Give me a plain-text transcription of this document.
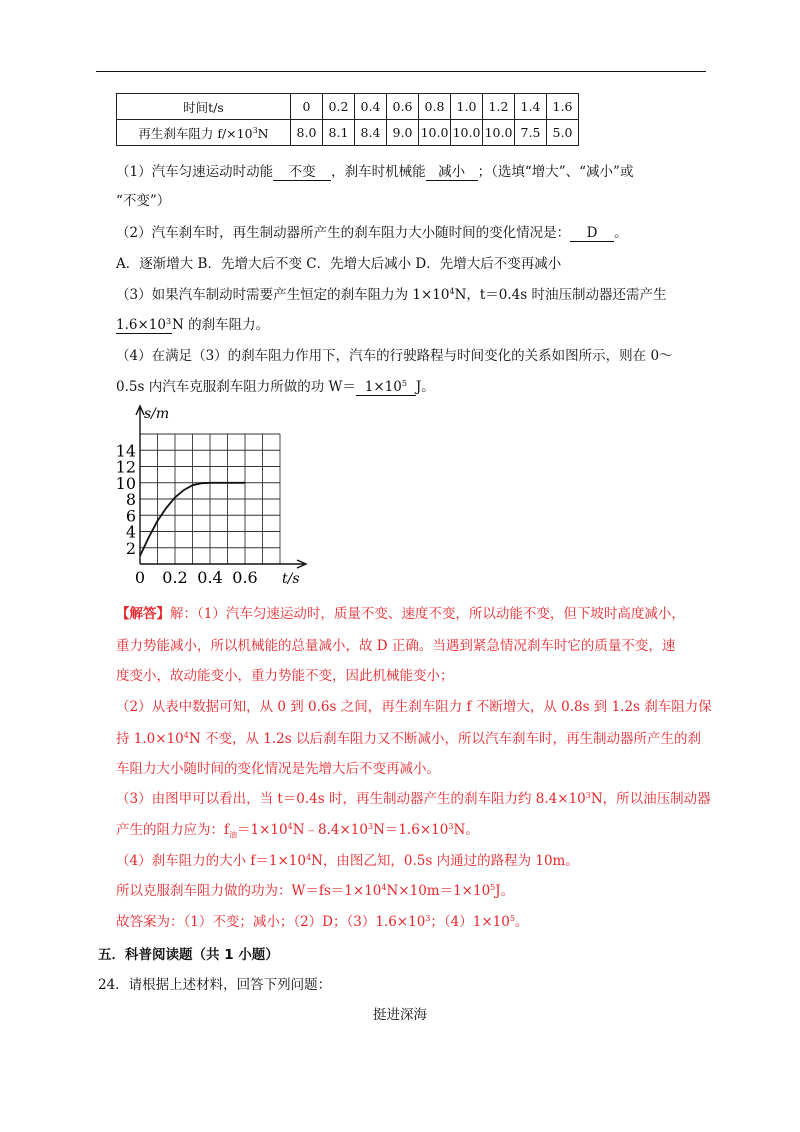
时间t/s	0	0.2	0.4	0.6	0.8	1.0	1.2	1.4	1.6
再生刹车阻力 $f/\times 10^3N$	8.0	8.1	8.4	9.0	10.0	10.0	10.0	7.5	5.0
（1）汽车匀速运动时动能 不变 ，刹车时机械能 减小 ；（选填“增大”、“减小”或
“不变”）
（2）汽车刹车时，再生制动器所产生的刹车阻力大小随时间的变化情况是： D 。
A．逐渐增大 B．先增大后不变 C．先增大后减小 D．先增大后不变再减小
（3）如果汽车制动时需要产生恒定的刹车阻力为 $1\times 10^4N$，t＝0.4s 时油压制动器还需产生
$1.6\times 10^3N$ 的刹车阻力。
（4）在满足（3）的刹车阻力作用下，汽车的行驶路程与时间变化的关系如图所示，则在 0～
0.5s 内汽车克服刹车阻力所做的功 $W= 1\times 10^5$ J。
14
12
10
8
6
4
2
0 0.2 0.4 0.6
s/m
t/s
【解答】解：（1）汽车匀速运动时，质量不变、速度不变，所以动能不变，但下坡时高度减小，
重力势能减小，所以机械能的总量减小，故 D 正确。当遇到紧急情况刹车时它的质量不变，速
度变小，故动能变小，重力势能不变，因此机械能变小；
（2）从表中数据可知，从 0 到 0.6s 之间，再生刹车阻力 f 不断增大，从 0.8s 到 1.2s 刹车阻力保
持 $1.0\times 10^4N$ 不变，从 1.2s 以后刹车阻力又不断减小，所以汽车刹车时，再生制动器所产生的刹
车阻力大小随时间的变化情况是先增大后不变再减小。
（3）由图甲可以看出，当 t＝0.4s 时，再生制动器产生的刹车阻力约 $8.4\times 10^3N$，所以油压制动器
产生的阻力应为：$f_油=1\times 10^4N﹣8.4\times 10^3N=1.6\times 10^3N$。
（4）刹车阻力的大小 $f=1\times 10^4N$，由图乙知，0.5s 内通过的路程为 10m。
所以克服刹车阻力做的功为：$W=fs=1\times 10^4N\times 10m=1\times 10^5J$。
故答案为：（1）不变；减小；（2）D；$(3)1.6\times 10^3$；$(4)1\times 10^5$。
五．科普阅读题（共 1 小题）
24．请根据上述材料，回答下列问题：
挺进深海
